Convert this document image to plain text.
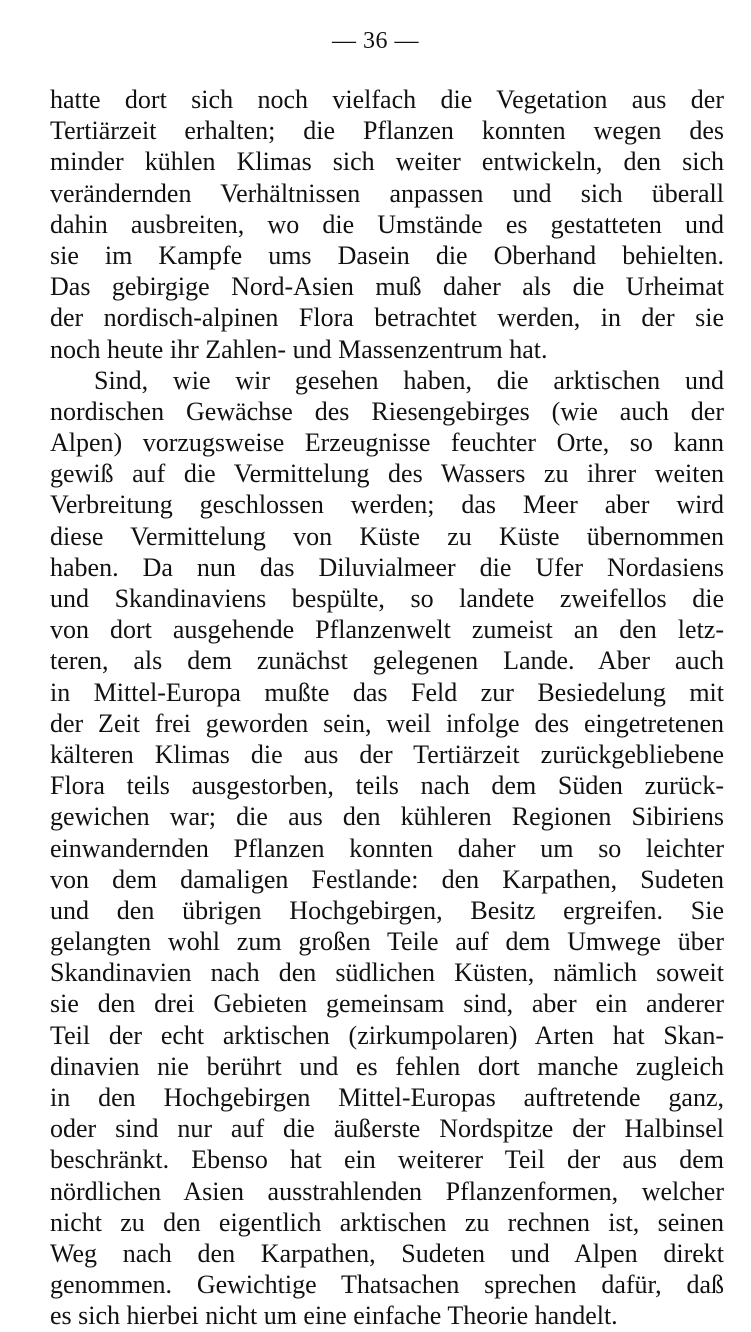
— 36 —
hatte dort sich noch vielfach die Vegetation aus der
Tertiärzeit erhalten; die Pflanzen konnten wegen des
minder kühlen Klimas sich weiter entwickeln, den sich
verändernden Verhältnissen anpassen und sich überall
dahin ausbreiten, wo die Umstände es gestatteten und
sie im Kampfe ums Dasein die Oberhand behielten.
Das gebirgige Nord-Asien muß daher als die Urheimat
der nordisch-alpinen Flora betrachtet werden, in der sie
noch heute ihr Zahlen- und Massenzentrum hat.
Sind, wie wir gesehen haben, die arktischen und
nordischen Gewächse des Riesengebirges (wie auch der
Alpen) vorzugsweise Erzeugnisse feuchter Orte, so kann
gewiß auf die Vermittelung des Wassers zu ihrer weiten
Verbreitung geschlossen werden; das Meer aber wird
diese Vermittelung von Küste zu Küste übernommen
haben. Da nun das Diluvialmeer die Ufer Nordasiens
und Skandinaviens bespülte, so landete zweifellos die
von dort ausgehende Pflanzenwelt zumeist an den letz-
teren, als dem zunächst gelegenen Lande. Aber auch
in Mittel-Europa mußte das Feld zur Besiedelung mit
der Zeit frei geworden sein, weil infolge des eingetretenen
kälteren Klimas die aus der Tertiärzeit zurückgebliebene
Flora teils ausgestorben, teils nach dem Süden zurück-
gewichen war; die aus den kühleren Regionen Sibiriens
einwandernden Pflanzen konnten daher um so leichter
von dem damaligen Festlande: den Karpathen, Sudeten
und den übrigen Hochgebirgen, Besitz ergreifen. Sie
gelangten wohl zum großen Teile auf dem Umwege über
Skandinavien nach den südlichen Küsten, nämlich soweit
sie den drei Gebieten gemeinsam sind, aber ein anderer
Teil der echt arktischen (zirkumpolaren) Arten hat Skan-
dinavien nie berührt und es fehlen dort manche zugleich
in den Hochgebirgen Mittel-Europas auftretende ganz,
oder sind nur auf die äußerste Nordspitze der Halbinsel
beschränkt. Ebenso hat ein weiterer Teil der aus dem
nördlichen Asien ausstrahlenden Pflanzenformen, welcher
nicht zu den eigentlich arktischen zu rechnen ist, seinen
Weg nach den Karpathen, Sudeten und Alpen direkt
genommen. Gewichtige Thatsachen sprechen dafür, daß
es sich hierbei nicht um eine einfache Theorie handelt.
